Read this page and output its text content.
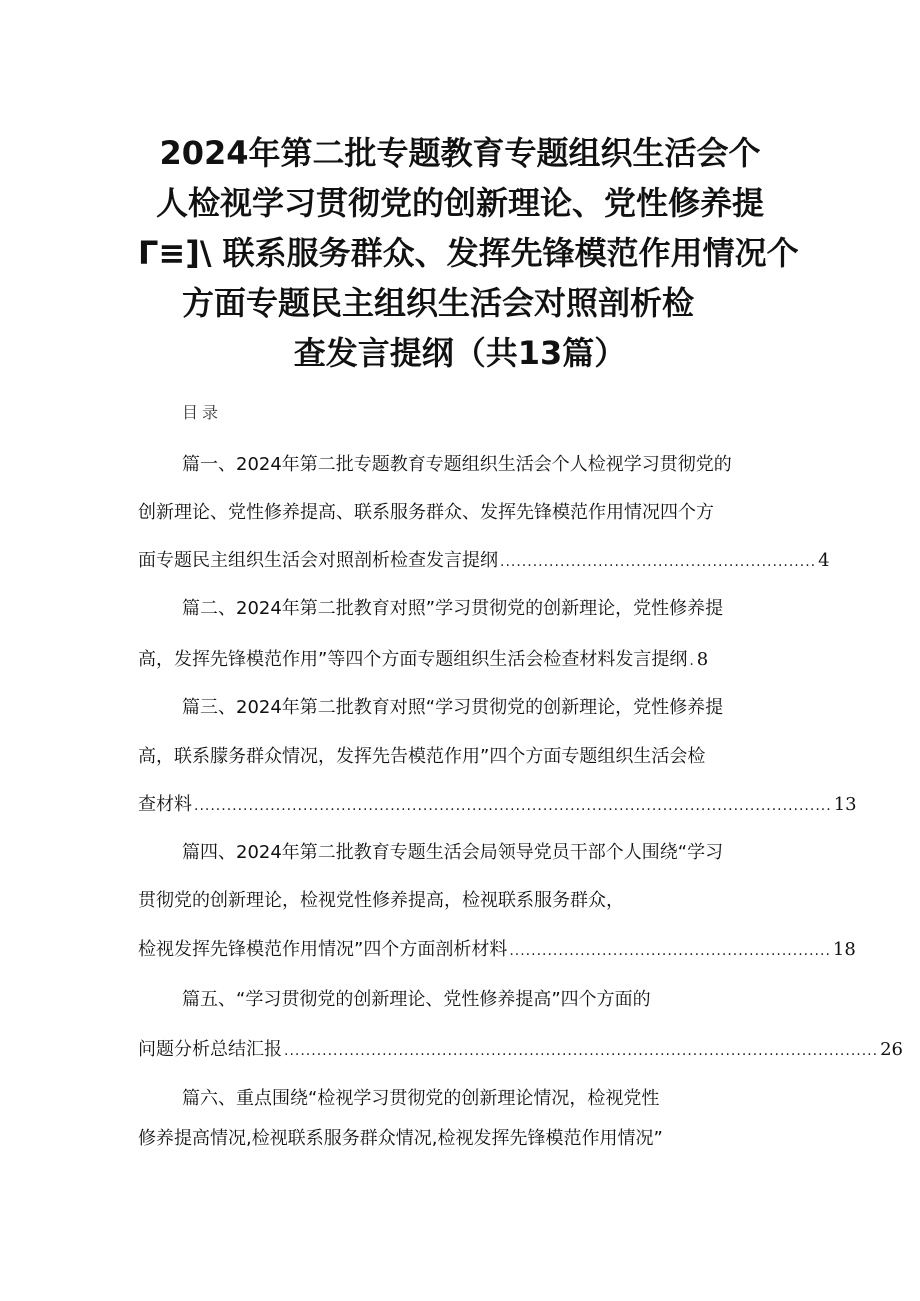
2024年第二批专题教育专题组织生活会个
人检视学习贯彻党的创新理论、党性修养提
Γ≡]\ 联系服务群众、发挥先锋模范作用情况个
方面专题民主组织生活会对照剖析检
查发言提纲（共13篇）
目录
篇一、2024年第二批专题教育专题组织生活会个人检视学习贯彻党的
创新理论、党性修养提高、联系服务群众、发挥先锋模范作用情况四个方
面专题民主组织生活会对照剖析检查发言提纲 .......................................................... 4
篇二、2024年第二批教育对照”学习贯彻党的创新理论，党性修养提
高，发挥先锋模范作用”等四个方面专题组织生活会检查材料发言提纲 . 8
篇三、2024年第二批教育对照“学习贯彻党的创新理论，党性修养提
高，联系朦务群众情况，发挥先告模范作用”四个方面专题组织生活会检
查材料 ..................................................................................................................... 13
篇四、2024年第二批教育专题生活会局领导党员干部个人围绕“学习
贯彻党的创新理论，检视党性修养提高，检视联系服务群众，
检视发挥先锋模范作用情况”四个方面剖析材料 ........................................................... 18
篇五、“学习贯彻党的创新理论、党性修养提高”四个方面的
问题分析总结汇报 ............................................................................................................. 26
篇六、重点围绕“检视学习贯彻党的创新理论情况，检视党性
修养提高情况,检视联系服务群众情况,检视发挥先锋模范作用情况”
